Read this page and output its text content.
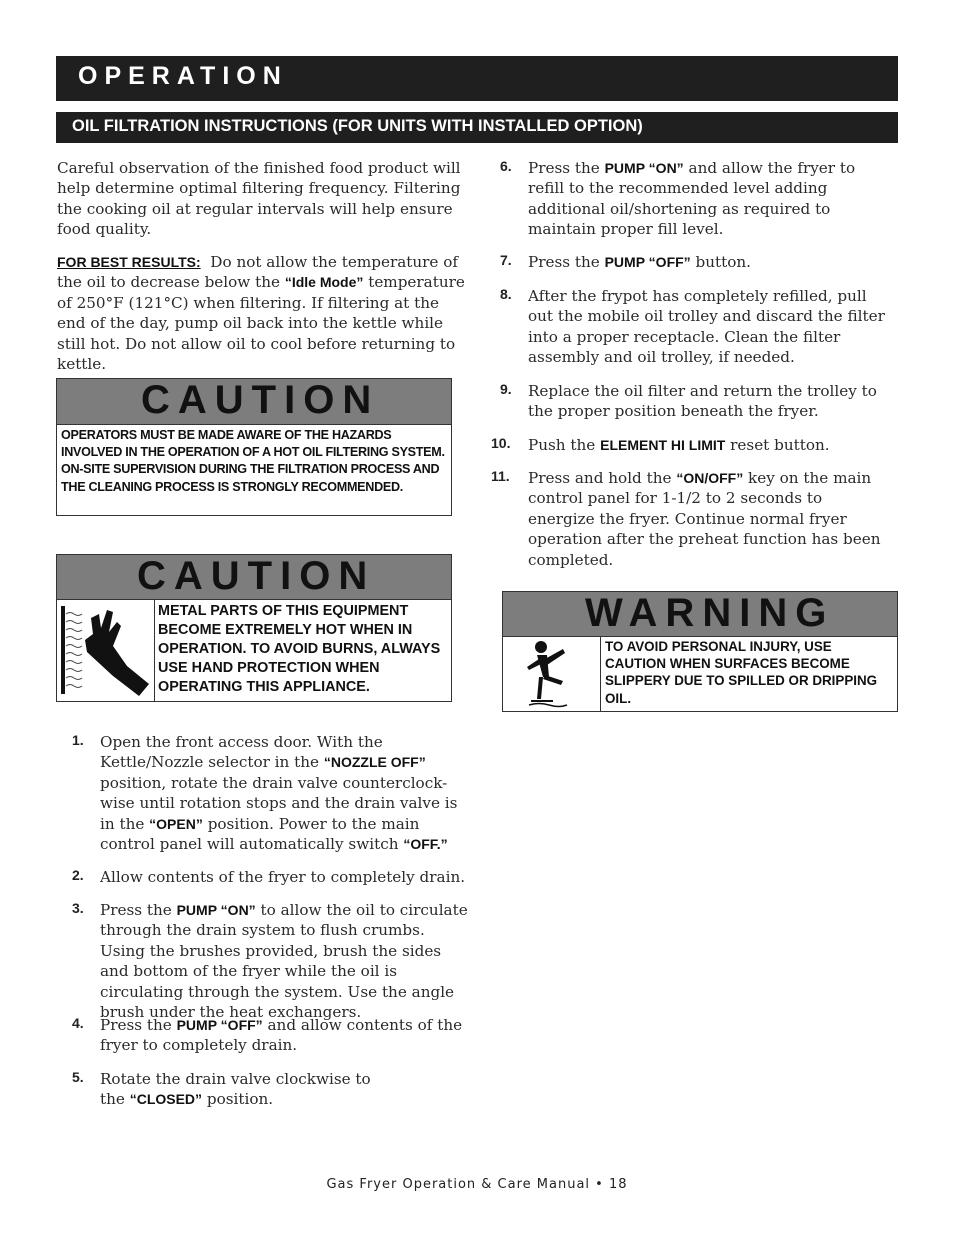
OPERATION
OIL FILTRATION INSTRUCTIONS (FOR UNITS WITH INSTALLED OPTION)

Careful observation of the finished food product will help determine optimal filtering frequency. Filtering the cooking oil at regular intervals will help ensure food quality.

FOR BEST RESULTS: Do not allow the temperature of the oil to decrease below the “Idle Mode” temperature of 250°F (121°C) when filtering. If filtering at the end of the day, pump oil back into the kettle while still hot. Do not allow oil to cool before returning to kettle.

CAUTION
OPERATORS MUST BE MADE AWARE OF THE HAZARDS INVOLVED IN THE OPERATION OF A HOT OIL FILTERING SYSTEM. ON-SITE SUPERVISION DURING THE FILTRATION PROCESS AND THE CLEANING PROCESS IS STRONGLY RECOMMENDED.
CAUTION
METAL PARTS OF THIS EQUIPMENT BECOME EXTREMELY HOT WHEN IN OPERATION. TO AVOID BURNS, ALWAYS USE HAND PROTECTION WHEN OPERATING THIS APPLIANCE.
WARNING
TO AVOID PERSONAL INJURY, USE CAUTION WHEN SURFACES BECOME SLIPPERY DUE TO SPILLED OR DRIPPING OIL.
1. Open the front access door. With the Kettle/Nozzle selector in the “NOZZLE OFF” position, rotate the drain valve counterclock-wise until rotation stops and the drain valve is in the “OPEN” position. Power to the main control panel will automatically switch “OFF.”

2. Allow contents of the fryer to completely drain.

3. Press the PUMP “ON” to allow the oil to circulate through the drain system to flush crumbs. Using the brushes provided, brush the sides and bottom of the fryer while the oil is circulating through the system. Use the angle brush under the heat exchangers.

4. Press the PUMP “OFF” and allow contents of the fryer to completely drain.

5. Rotate the drain valve clockwise to the “CLOSED” position.

6. Press the PUMP “ON” and allow the fryer to refill to the recommended level adding additional oil/shortening as required to maintain proper fill level.

7. Press the PUMP “OFF” button.

8. After the frypot has completely refilled, pull out the mobile oil trolley and discard the filter into a proper receptacle. Clean the filter assembly and oil trolley, if needed.

9. Replace the oil filter and return the trolley to the proper position beneath the fryer.

10. Push the ELEMENT HI LIMIT reset button.

11. Press and hold the “ON/OFF” key on the main control panel for 1-1/2 to 2 seconds to energize the fryer. Continue normal fryer operation after the preheat function has been completed.

Gas Fryer Operation & Care Manual • 18
